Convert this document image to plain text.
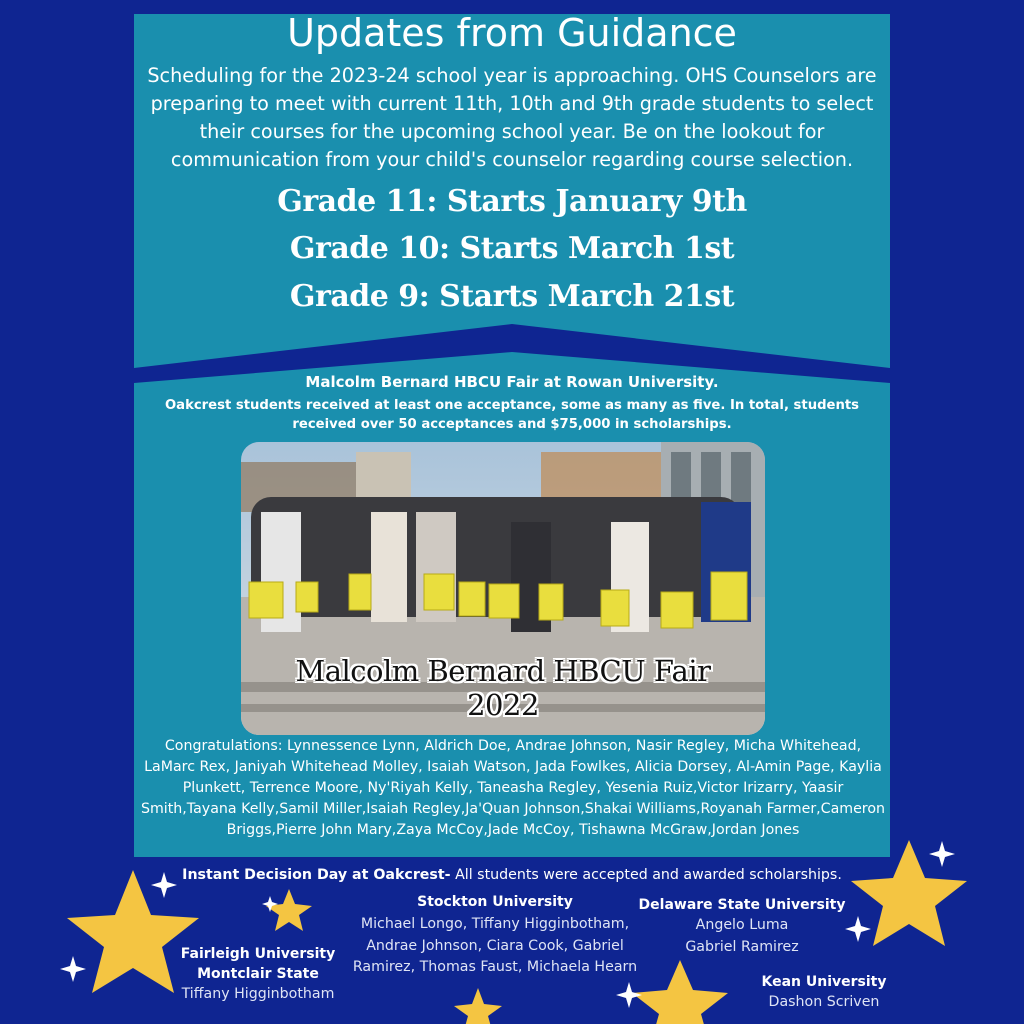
Updates from Guidance
Scheduling for the 2023-24 school year is approaching. OHS Counselors are preparing to meet with current 11th, 10th and 9th grade students to select their courses for the upcoming school year. Be on the lookout for communication from your child's counselor regarding course selection.
Grade 11: Starts January 9th
Grade 10: Starts March 1st
Grade 9: Starts March 21st
Malcolm Bernard HBCU Fair at Rowan University.
Oakcrest students received at least one acceptance, some as many as five. In total, students received over 50 acceptances and $75,000 in scholarships.
Malcolm Bernard HBCU Fair
2022
Congratulations: Lynnessence Lynn, Aldrich Doe, Andrae Johnson, Nasir Regley, Micha Whitehead, LaMarc Rex, Janiyah Whitehead Molley, Isaiah Watson, Jada Fowlkes, Alicia Dorsey, Al-Amin Page, Kaylia Plunkett, Terrence Moore, Ny'Riyah Kelly, Taneasha Regley, Yesenia Ruiz,Victor Irizarry, Yaasir Smith,Tayana Kelly,Samil Miller,Isaiah Regley,Ja'Quan Johnson,Shakai Williams,Royanah Farmer,Cameron Briggs,Pierre John Mary,Zaya McCoy,Jade McCoy, Tishawna McGraw,Jordan Jones
Instant Decision Day at Oakcrest- All students were accepted and awarded scholarships.
Fairleigh University
Montclair State
Tiffany Higginbotham
Stockton University
Michael Longo, Tiffany Higginbotham, Andrae Johnson, Ciara Cook, Gabriel Ramirez, Thomas Faust, Michaela Hearn
Delaware State University
Angelo Luma
Gabriel Ramirez
Kean University
Dashon Scriven
